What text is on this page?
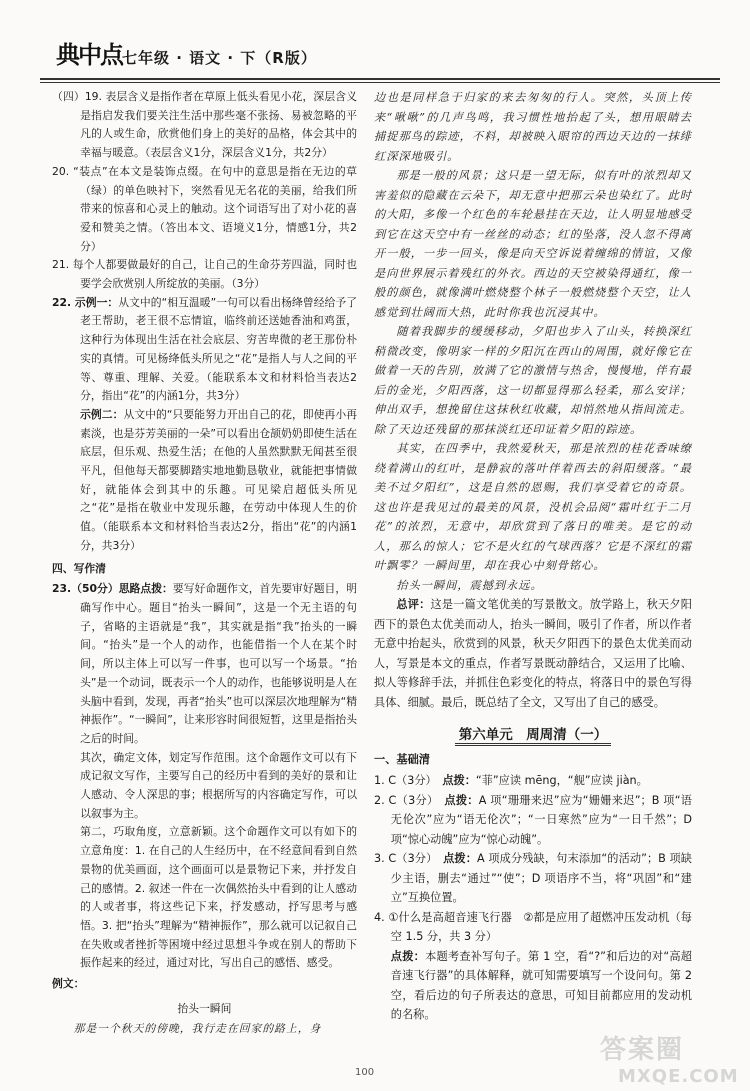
典中点 七年级 · 语文 · 下（R版）

（四）19. 表层含义是指作者在草原上低头看见小花，深层含义是指启发我们要关注生活中那些毫不张扬、易被忽略的平凡的人或生命，欣赏他们身上的美好的品格，体会其中的幸福与暖意。（表层含义1分，深层含义1分，共2分）

20. “装点”在本文是装饰点缀。在句中的意思是指在无边的草（绿）的单色映衬下，突然看见无名花的美丽，给我们所带来的惊喜和心灵上的触动。这个词语写出了对小花的喜爱和赞美之情。（答出本文、语境义1分，情感1分，共2分）

21. 每个人都要做最好的自己，让自己的生命芬芳四溢，同时也要学会欣赏别人所绽放的美丽。（3分）

22. 示例一：从文中的“相互温暖”一句可以看出杨绛曾经给予了老王帮助，老王很不忘情谊，临终前还送她香油和鸡蛋，这种行为体现出生活在社会底层、穷苦卑微的老王那份朴实的真情。可见杨绛低头所见之“花”是指人与人之间的平等、尊重、理解、关爱。（能联系本文和材料恰当表达2分，指出“花”的内涵1分，共3分）

示例二：从文中的“只要能努力开出自己的花，即使再小再素淡，也是芬芳美丽的一朵”可以看出仓颉奶奶即使生活在底层，但乐观、热爱生活；在他的人虽然默默无闻甚至很平凡，但他每天都要脚踏实地地勤恳敬业，就能把事情做好，就能体会到其中的乐趣。可见梁启超低头所见之“花”是指在敬业中发现乐趣，在劳动中体现人生的价值。（能联系本文和材料恰当表达2分，指出“花”的内涵1分，共3分）

四、写作清

23.（50分）思路点拨：要写好命题作文，首先要审好题目，明确写作中心。题目“抬头一瞬间”，这是一个无主语的句子，省略的主语就是“我”，其实就是指“我”抬头的一瞬间。“抬头”是一个人的动作，也能借指一个人在某个时间，所以主体上可以写一件事，也可以写一个场景。“抬头”是一个动词，既表示一个人的动作，也能够说明是人在头脑中看到，发现，再者“抬头”也可以深层次地理解为“精神振作”。“一瞬间”，让来形容时间很短暂，这里是指抬头之后的时间。

其次，确定文体，划定写作范围。这个命题作文可以有下成记叙文写作，主要写自己的经历中看到的美好的景和让人感动、令人深思的事；根据所写的内容确定写作，可以以叙事为主。

第二，巧取角度，立意新颖。这个命题作文可以有如下的立意角度：1. 在自己的人生经历中，在不经意间看到自然景物的优美画面，这个画面可以是景物记下来，并抒发自己的感情。2. 叙述一件在一次偶然抬头中看到的让人感动的人或者事，将这些记下来，抒发感动，抒写思考与感悟。3. 把“抬头”理解为“精神振作”，那么就可以记叙自己在失败或者挫折等困境中经过思想斗争或在别人的帮助下振作起来的经过，通过对比，写出自己的感悟、感受。

例文：

抬头一瞬间

那是一个秋天的傍晚，我行走在回家的路上，身

边也是同样急于归家的来去匆匆的行人。突然，头顶上传来“啾啾”的几声鸟鸣，我习惯性地抬起了头，想用眼睛去捕捉那鸟的踪迹，不料，却被映入眼帘的西边天边的一抹绯红深深地吸引。

那是一般的风景；这只是一望无际，似有叶的浓烈却又害羞似的隐藏在云朵下，却无意中把那云朵也染红了。此时的大阳，多像一个红色的车轮悬挂在天边，让人明显地感受到它在这天空中有一丝丝的动态；红的坠落，没人忽不得离开一般，一步一回头，像是向天空诉说着缠绵的情谊，又像是向世界展示着残红的外衣。西边的天空被染得通红，像一般的颜色，就像满叶燃烧整个林子一般燃烧整个天空，让人感觉到壮阔而大热，此时你我也沉浸其中。

随着我脚步的缓缓移动，夕阳也步入了山头，转换深红稍微改变，像明家一样的夕阳沉在西山的周围，就好像它在做着一天的告别，放满了它的激情与热舍，慢慢地，伴有最后的金光，夕阳西落，这一切都显得那么轻柔，那么安详；伸出双手，想挽留住这抹秋红收藏，却悄然地从指间流走。除了天边还残留的那抹淡红还印证着夕阳的踪迹。

其实，在四季中，我然爱秋天，那是浓烈的桂花香味缭绕着满山的红叶，是静寂的落叶伴着西去的斜阳缓落。“最美不过夕阳红”，这是自然的恩赐，我们享受着它的奇景。这也许是我见过的最美的风景，没机会品阅“霜叶红于二月花”的浓烈，无意中，却欣赏到了落日的唯美。是它的动人，那么的惊人；它不是火红的气球西落？它是不深红的霜叶飘零？一瞬间里，却在我心中刻骨铭心。

抬头一瞬间，震撼到永远。

总评：这是一篇文笔优美的写景散文。放学路上，秋天夕阳西下的景色太优美而动人，抬头一瞬间，吸引了作者，所以作者无意中抬起头，欣赏到的风景，秋天夕阳西下的景色太优美而动人，写景是本文的重点，作者写景既动静结合，又运用了比喻、拟人等修辞手法，并抓住色彩变化的特点，将落日中的景色写得具体、细腻。最后，既总结了全文，又写出了自己的感受。

第六单元　周周清（一）

一、基础清

1. C（3分）　 点拨：“菲”应读 mēng，“舰”应读 jiàn。

2. C（3分）　 点拨：A 项“珊珊来迟”应为“姗姗来迟”；B 项“语无伦次”应为“语无伦次”；“一日寒然”应为“一日千然”；D 项“惊心动魄”应为“惊心动魄”。

3. C（3分）　 点拨：A 项成分残缺，句末添加“的活动”；B 项缺少主语，删去“通过”“使”；D 项语序不当，将“巩固”和“建立”互换位置。

4. ①什么是高超音速飞行器　②都是应用了超燃冲压发动机（每空 1.5 分，共 3 分）

点拨：本题考查补写句子。第 1 空，看“?”和后边的对“高超音速飞行器”的具体解释，就可知需要填写一个设问句。第 2 空，看后边的句子所表达的意思，可知目前都应用的发动机的名称。

100
答案圈
MXQE.COM
